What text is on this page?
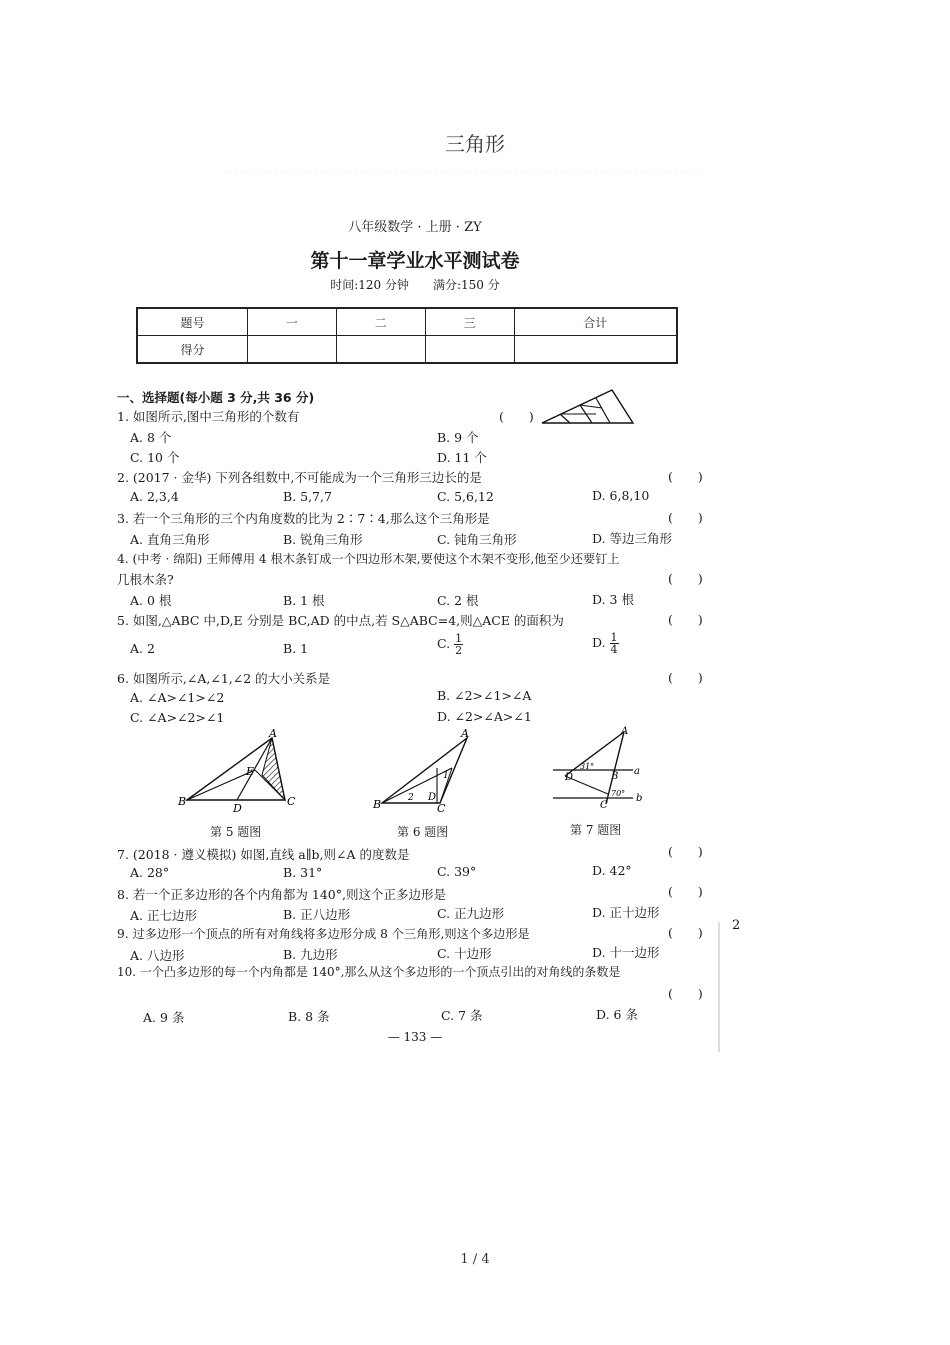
三角形
八年级数学 · 上册 · ZY
第十一章学业水平测试卷
时间:120 分钟　　满分:150 分
题号	一	二	三	合计
得分				
一、选择题(每小题 3 分,共 36 分)
1. 如图所示,图中三角形的个数有	(　　)
A. 8 个	B. 9 个
C. 10 个	D. 11 个
2. (2017 · 金华) 下列各组数中,不可能成为一个三角形三边长的是	(　　)
A. 2,3,4	B. 5,7,7	C. 5,6,12	D. 6,8,10
3. 若一个三角形的三个内角度数的比为 2∶7∶4,那么这个三角形是	(　　)
A. 直角三角形	B. 锐角三角形	C. 钝角三角形	D. 等边三角形
4. (中考 · 绵阳) 王师傅用 4 根木条钉成一个四边形木架,要使这个木架不变形,他至少还要钉上
几根木条?	(　　)
A. 0 根	B. 1 根	C. 2 根	D. 3 根
5. 如图,△ABC 中,D,E 分别是 BC,AD 的中点,若 S△ABC=4,则△ACE 的面积为	(　　)
A. 2	B. 1	C. $\frac{1}{2}$	D. $\frac{1}{4}$
6. 如图所示,∠A,∠1,∠2 的大小关系是	(　　)
A. ∠A>∠1>∠2	B. ∠2>∠1>∠A
C. ∠A>∠2>∠1	D. ∠2>∠A>∠1
A
B	C
D
E
第 5 题图
A
B	C
D
1
2
第 6 题图
A
D	B
C
a
b
31°
70°
第 7 题图
7. (2018 · 遵义模拟) 如图,直线 a∥b,则∠A 的度数是	(　　)
A. 28°	B. 31°	C. 39°	D. 42°
8. 若一个正多边形的各个内角都为 140°,则这个正多边形是	(　　)
A. 正七边形	B. 正八边形	C. 正九边形	D. 正十边形
9. 过多边形一个顶点的所有对角线将多边形分成 8 个三角形,则这个多边形是	(　　)
A. 八边形	B. 九边形	C. 十边形	D. 十一边形
2
10. 一个凸多边形的每一个内角都是 140°,那么从这个多边形的一个顶点引出的对角线的条数是
(　　)
A. 9 条	B. 8 条	C. 7 条	D. 6 条
— 133 —
1 / 4
